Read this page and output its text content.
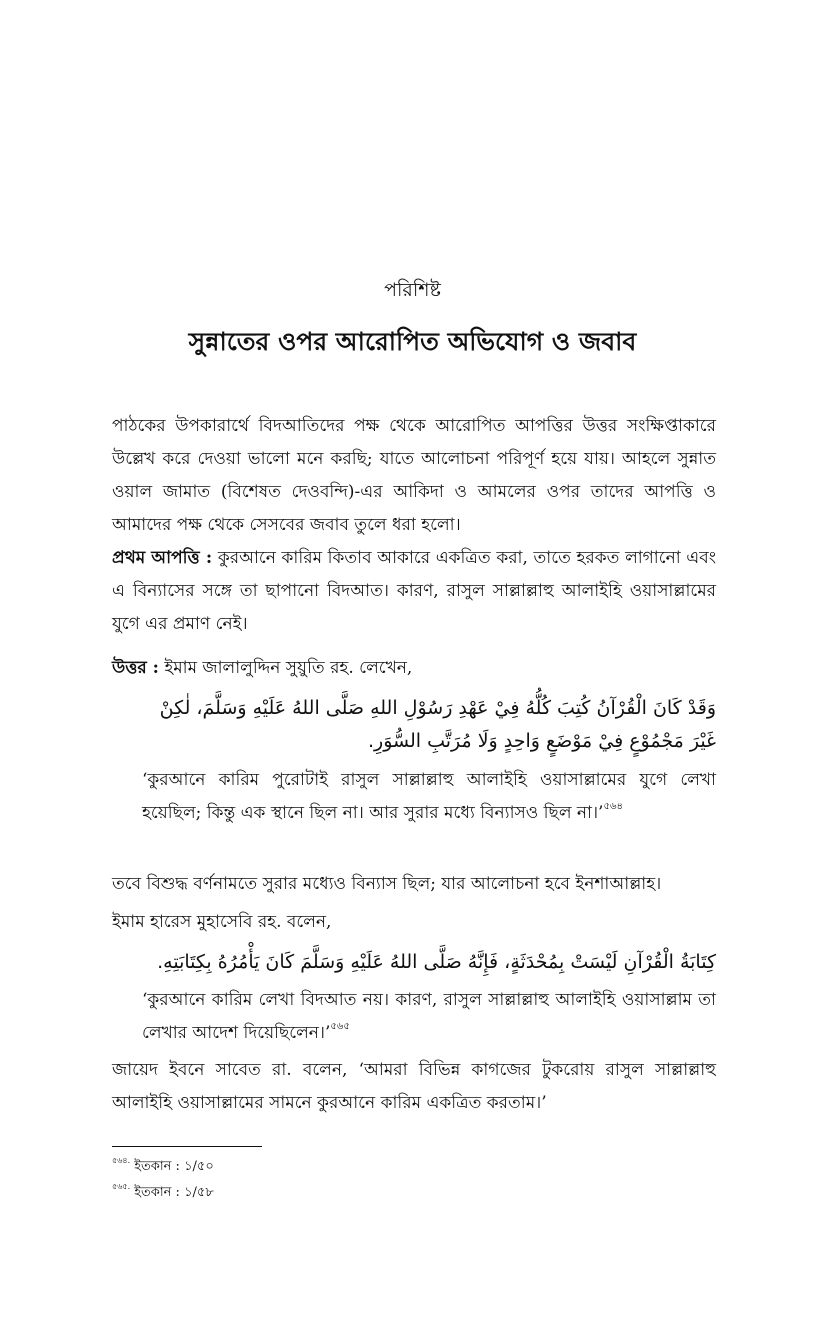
পরিশিষ্ট
সুন্নাতের ওপর আরোপিত অভিযোগ ও জবাব

পাঠকের উপকারার্থে বিদআতিদের পক্ষ থেকে আরোপিত আপত্তির উত্তর সংক্ষিপ্তাকারে উল্লেখ করে দেওয়া ভালো মনে করছি; যাতে আলোচনা পরিপূর্ণ হয়ে যায়। আহলে সুন্নাত ওয়াল জামাত (বিশেষত দেওবন্দি)-এর আকিদা ও আমলের ওপর তাদের আপত্তি ও আমাদের পক্ষ থেকে সেসবের জবাব তুলে ধরা হলো।

প্রথম আপত্তি : কুরআনে কারিম কিতাব আকারে একত্রিত করা, তাতে হরকত লাগানো এবং এ বিন্যাসের সঙ্গে তা ছাপানো বিদআত। কারণ, রাসুল সাল্লাল্লাহু আলাইহি ওয়াসাল্লামের যুগে এর প্রমাণ নেই।

উত্তর : ইমাম জালালুদ্দিন সুয়ুতি রহ. লেখেন,

وَقَدْ كَانَ الْقُرْآنُ كُتِبَ كُلُّهُ فِيْ عَهْدِ رَسُوْلِ اللهِ صَلَّى اللهُ عَلَيْهِ وَسَلَّمَ، لٰكِنْ غَيْرَ مَجْمُوْعٍ فِيْ مَوْضَعٍ وَاحِدٍ وَلَا مُرَتَّبِ السُّوَرِ.

‘কুরআনে কারিম পুরোটাই রাসুল সাল্লাল্লাহু আলাইহি ওয়াসাল্লামের যুগে লেখা হয়েছিল; কিন্তু এক স্থানে ছিল না। আর সুরার মধ্যে বিন্যাসও ছিল না।’$^{৫৬৪}$

তবে বিশুদ্ধ বর্ণনামতে সুরার মধ্যেও বিন্যাস ছিল; যার আলোচনা হবে ইনশাআল্লাহ।

ইমাম হারেস মুহাসেবি রহ. বলেন,

كِتَابَةُ الْقُرْآنِ لَيْسَتْ بِمُحْدَثَةٍ، فَإِنَّهُ صَلَّى اللهُ عَلَيْهِ وَسَلَّمَ كَانَ يَأْمُرُهُ بِكِتَابَتِهِ.

‘কুরআনে কারিম লেখা বিদআত নয়। কারণ, রাসুল সাল্লাল্লাহু আলাইহি ওয়াসাল্লাম তা লেখার আদেশ দিয়েছিলেন।’$^{৫৬৫}$

জায়েদ ইবনে সাবেত রা. বলেন, ‘আমরা বিভিন্ন কাগজের টুকরোয় রাসুল সাল্লাল্লাহু আলাইহি ওয়াসাল্লামের সামনে কুরআনে কারিম একত্রিত করতাম।’

$^{৫৬৪.}$ ইতকান : ১/৫০
$^{৫৬৫.}$ ইতকান : ১/৫৮
